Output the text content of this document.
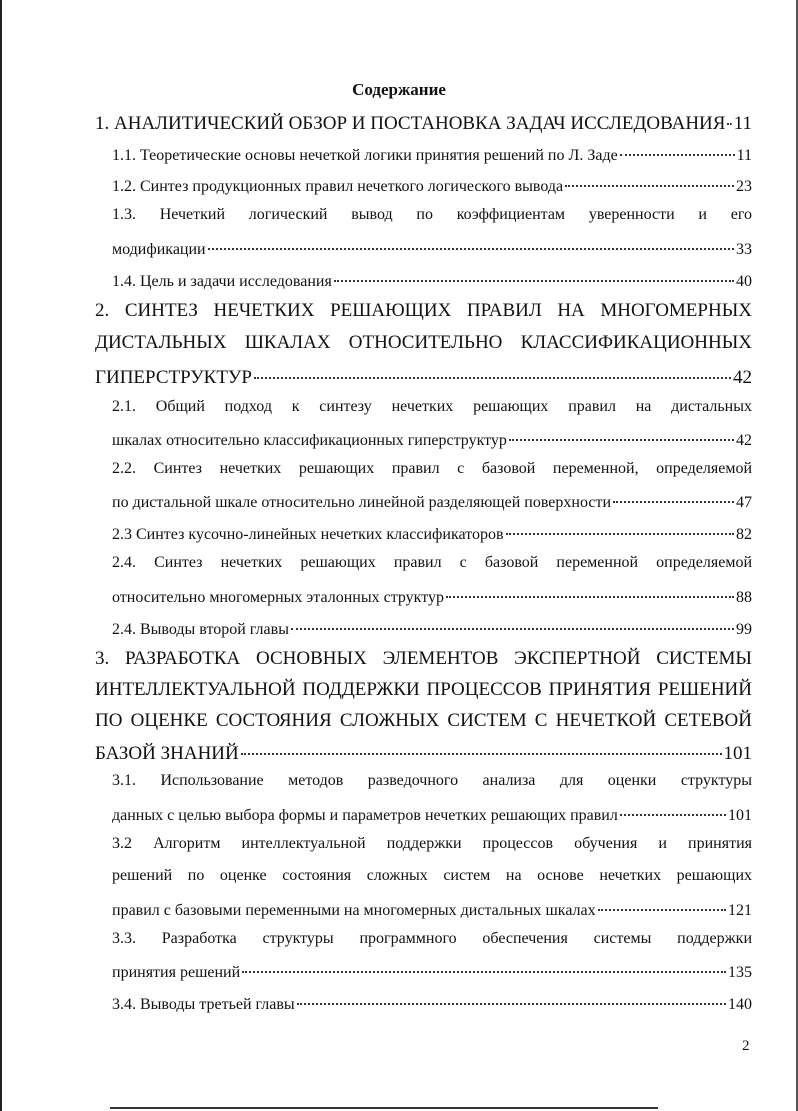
Содержание
1. АНАЛИТИЧЕСКИЙ ОБЗОР И ПОСТАНОВКА ЗАДАЧ ИССЛЕДОВАНИЯ 11
1.1. Теоретические основы нечеткой логики принятия решений по Л. Заде	11
1.2. Синтез продукционных правил нечеткого логического вывода	23
1.3. Нечеткий логический вывод по коэффициентам уверенности и его
модификации	33
1.4. Цель и задачи исследования	40
2. СИНТЕЗ НЕЧЕТКИХ РЕШАЮЩИХ ПРАВИЛ НА МНОГОМЕРНЫХ
ДИСТАЛЬНЫХ ШКАЛАХ ОТНОСИТЕЛЬНО КЛАССИФИКАЦИОННЫХ
ГИПЕРСТРУКТУР	42
2.1. Общий подход к синтезу нечетких решающих правил на дистальных
шкалах относительно классификационных гиперструктур	42
2.2. Синтез нечетких решающих правил с базовой переменной, определяемой
по дистальной шкале относительно линейной разделяющей поверхности	47
2.3 Синтез кусочно-линейных нечетких классификаторов	82
2.4. Синтез нечетких решающих правил с базовой переменной определяемой
относительно многомерных эталонных структур	88
2.4. Выводы второй главы	99
3. РАЗРАБОТКА ОСНОВНЫХ ЭЛЕМЕНТОВ ЭКСПЕРТНОЙ СИСТЕМЫ
ИНТЕЛЛЕКТУАЛЬНОЙ ПОДДЕРЖКИ ПРОЦЕССОВ ПРИНЯТИЯ РЕШЕНИЙ
ПО ОЦЕНКЕ СОСТОЯНИЯ СЛОЖНЫХ СИСТЕМ С НЕЧЕТКОЙ СЕТЕВОЙ
БАЗОЙ ЗНАНИЙ	101
3.1. Использование методов разведочного анализа для оценки структуры
данных с целью выбора формы и параметров нечетких решающих правил	101
3.2 Алгоритм интеллектуальной поддержки процессов обучения и принятия
решений по оценке состояния сложных систем на основе нечетких решающих
правил с базовыми переменными на многомерных дистальных шкалах	121
3.3. Разработка структуры программного обеспечения системы поддержки
принятия решений	135
3.4. Выводы третьей главы	140
2
